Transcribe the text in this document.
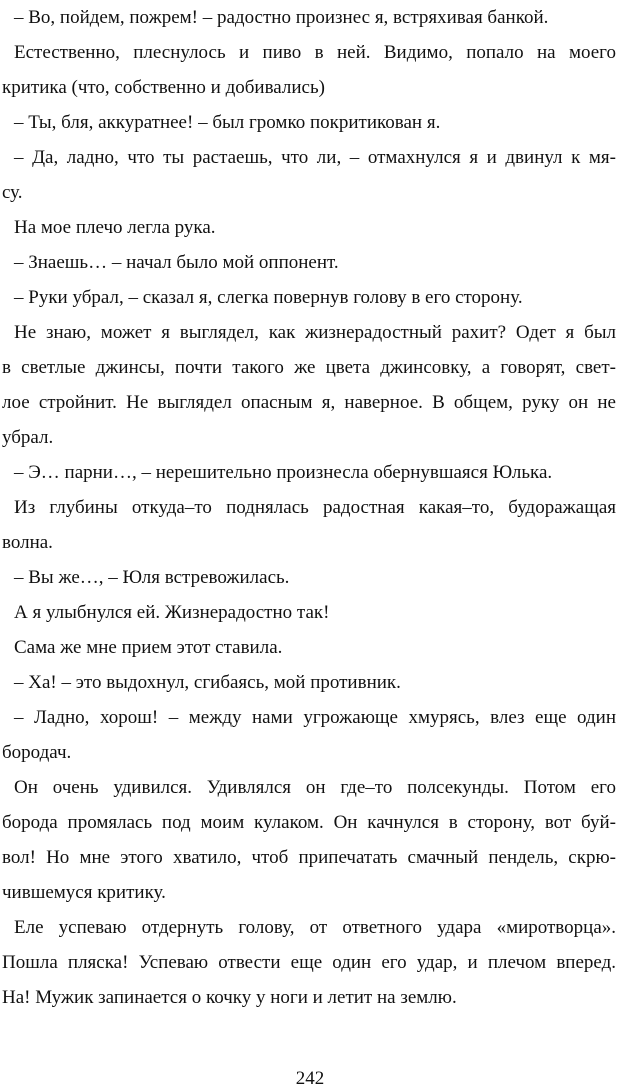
– Во, пойдем, пожрем! – радостно произнес я, встряхивая банкой.

Естественно, плеснулось и пиво в ней. Видимо, попало на моего
критика (что, собственно и добивались)

– Ты, бля, аккуратнее! – был громко покритикован я.

– Да, ладно, что ты растаешь, что ли, – отмахнулся я и двинул к мя-
су.

На мое плечо легла рука.

– Знаешь… – начал было мой оппонент.

– Руки убрал, – сказал я, слегка повернув голову в его сторону.

Не знаю, может я выглядел, как жизнерадостный рахит? Одет я был
в светлые джинсы, почти такого же цвета джинсовку, а говорят, свет-
лое стройнит. Не выглядел опасным я, наверное. В общем, руку он не
убрал.

– Э… парни…, – нерешительно произнесла обернувшаяся Юлька.

Из глубины откуда–то поднялась радостная какая–то, будоражащая
волна.

– Вы же…, – Юля встревожилась.

А я улыбнулся ей. Жизнерадостно так!

Сама же мне прием этот ставила.

– Ха! – это выдохнул, сгибаясь, мой противник.

– Ладно, хорош! – между нами угрожающе хмурясь, влез еще один
бородач.

Он очень удивился. Удивлялся он где–то полсекунды. Потом его
борода промялась под моим кулаком. Он качнулся в сторону, вот буй-
вол! Но мне этого хватило, чтоб припечатать смачный пендель, скрю-
чившемуся критику.

Еле успеваю отдернуть голову, от ответного удара «миротворца».
Пошла пляска! Успеваю отвести еще один его удар, и плечом вперед.
На! Мужик запинается о кочку у ноги и летит на землю.

242
